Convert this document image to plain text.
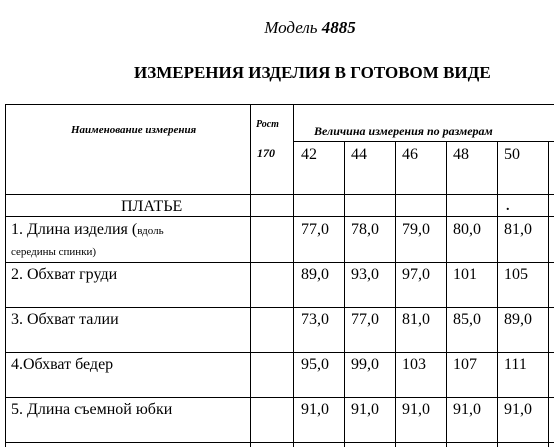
Модель 4885
ИЗМЕРЕНИЯ ИЗДЕЛИЯ В ГОТОВОМ ВИДЕ
Наименование измерения	Рост
170
Величина измерения по размерам
42 44 46 48 50
ПЛАТЬЕ	.
1. Длина изделия (вдоль
середины спинки)
77,0 78,0 79,0 80,0 81,0
2. Обхват груди	89,0 93,0 97,0 101 105
3. Обхват талии	73,0 77,0 81,0 85,0 89,0
4.Обхват бедер	95,0 99,0 103 107 111
5. Длина съемной юбки	91,0 91,0 91,0 91,0 91,0
